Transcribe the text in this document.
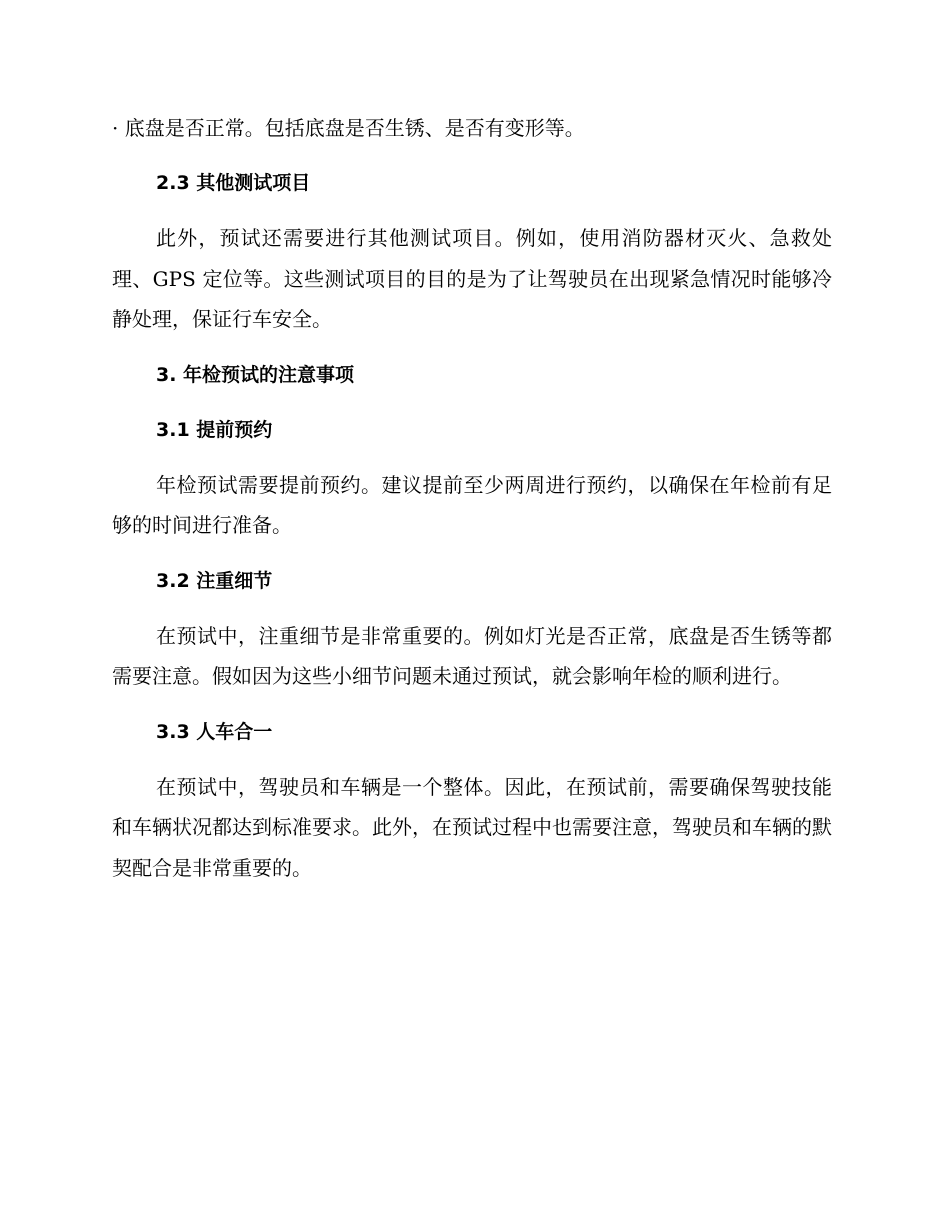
· 底盘是否正常。包括底盘是否生锈、是否有变形等。

2.3 其他测试项目

此外，预试还需要进行其他测试项目。例如，使用消防器材灭火、急救处理、GPS 定位等。这些测试项目的目的是为了让驾驶员在出现紧急情况时能够冷静处理，保证行车安全。

3. 年检预试的注意事项
3.1 提前预约

年检预试需要提前预约。建议提前至少两周进行预约，以确保在年检前有足够的时间进行准备。

3.2 注重细节

在预试中，注重细节是非常重要的。例如灯光是否正常，底盘是否生锈等都需要注意。假如因为这些小细节问题未通过预试，就会影响年检的顺利进行。

3.3 人车合一

在预试中，驾驶员和车辆是一个整体。因此，在预试前，需要确保驾驶技能和车辆状况都达到标准要求。此外，在预试过程中也需要注意，驾驶员和车辆的默契配合是非常重要的。
